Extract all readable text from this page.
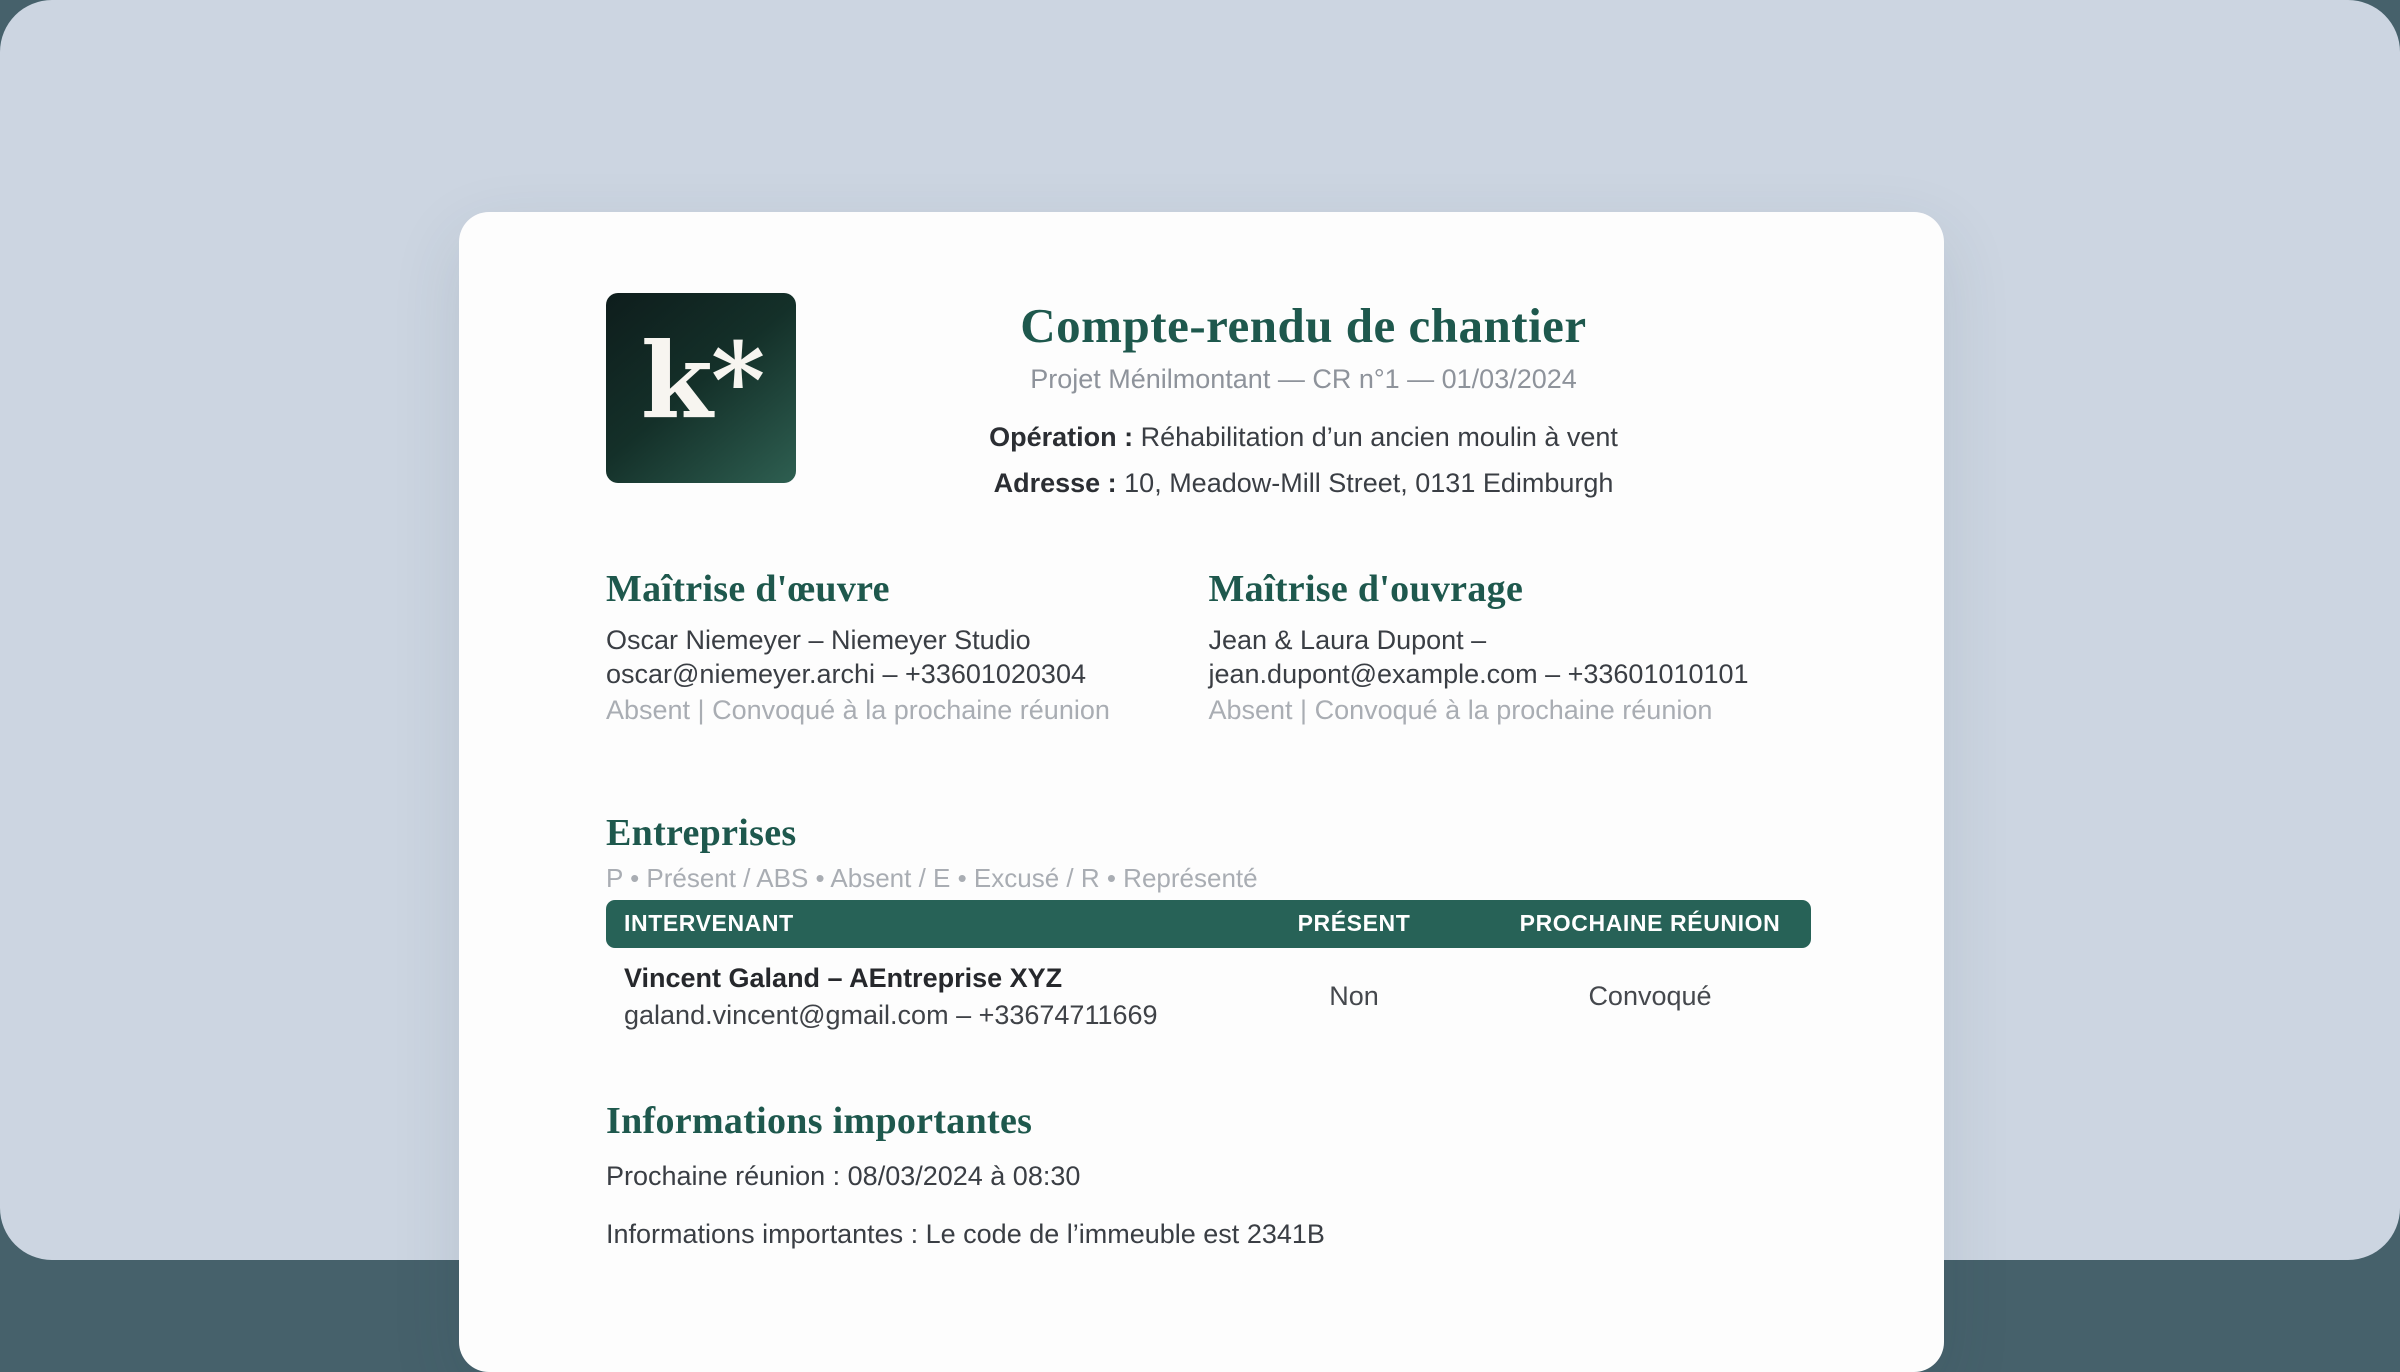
k*	Compte-rendu de chantier
Projet Ménilmontant — CR n°1 — 01/03/2024
Opération : Réhabilitation d’un ancien moulin à vent
Adresse : 10, Meadow-Mill Street, 0131 Edimburgh
Maîtrise d'œuvre
Oscar Niemeyer – Niemeyer Studio
oscar@niemeyer.archi – +33601020304
Absent | Convoqué à la prochaine réunion
Maîtrise d'ouvrage
Jean & Laura Dupont –
jean.dupont@example.com – +33601010101
Absent | Convoqué à la prochaine réunion
Entreprises
P • Présent / ABS • Absent / E • Excusé / R • Représenté
INTERVENANT	PRÉSENT	PROCHAINE RÉUNION
Vincent Galand – AEntreprise XYZ
galand.vincent@gmail.com – +33674711669
Non	Convoqué
Informations importantes
Prochaine réunion : 08/03/2024 à 08:30
Informations importantes : Le code de l’immeuble est 2341B
